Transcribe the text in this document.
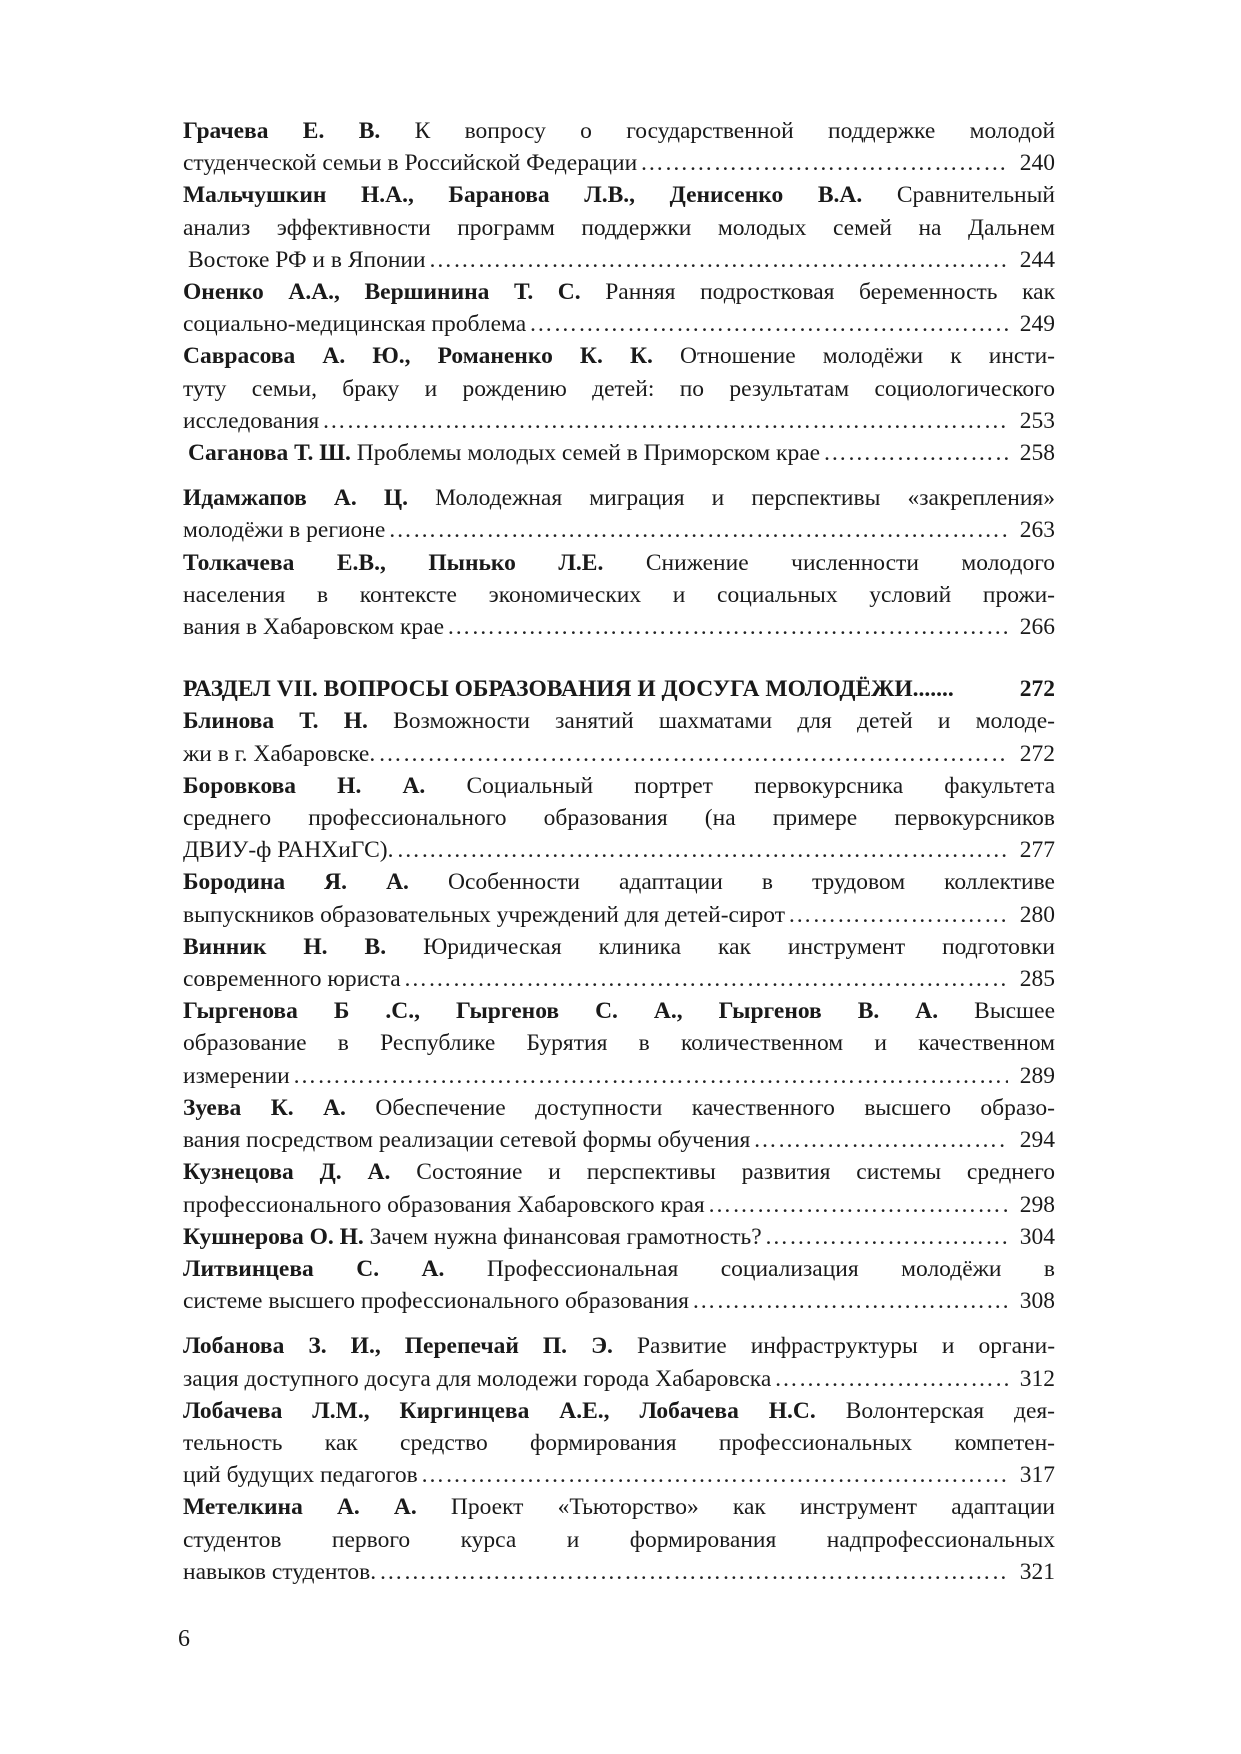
Грачева Е. В. К вопросу о государственной поддержке молодой
студенческой семьи в Российской Федерации …………………………………………………………………………………………………………………………………………………………………………………………………………………………	240
Мальчушкин Н.А., Баранова Л.В., Денисенко В.А. Сравнительный
анализ эффективности программ поддержки молодых семей на Дальнем
Востоке РФ и в Японии …………………………………………………………………………………………………………………………………………………………………………………………………………………………	244
Оненко А.А., Вершинина Т. С. Ранняя подростковая беременность как
социально-медицинская проблема …………………………………………………………………………………………………………………………………………………………………………………………………………………………	249
Саврасова А. Ю., Романенко К. К. Отношение молодёжи к инсти-
туту семьи, браку и рождению детей: по результатам социологического
исследования …………………………………………………………………………………………………………………………………………………………………………………………………………………………	253
Саганова Т. Ш. Проблемы молодых семей в Приморском крае …………………………………………………………………………………………………………………………………………………………………………………………………………………………	258
Идамжапов А. Ц. Молодежная миграция и перспективы «закрепления»
молодёжи в регионе …………………………………………………………………………………………………………………………………………………………………………………………………………………………	263
Толкачева Е.В., Пынько Л.Е. Снижение численности молодого
населения в контексте экономических и социальных условий прожи-
вания в Хабаровском крае …………………………………………………………………………………………………………………………………………………………………………………………………………………………	266
РАЗДЕЛ VII. ВОПРОСЫ ОБРАЗОВАНИЯ И ДОСУГА МОЛОДЁЖИ.......	272
Блинова Т. Н. Возможности занятий шахматами для детей и молоде-
жи в г. Хабаровске. …………………………………………………………………………………………………………………………………………………………………………………………………………………………	272
Боровкова Н. А. Социальный портрет первокурсника факультета
среднего профессионального образования (на примере первокурсников
ДВИУ-ф РАНХиГС). …………………………………………………………………………………………………………………………………………………………………………………………………………………………	277
Бородина Я. А. Особенности адаптации в трудовом коллективе
выпускников образовательных учреждений для детей-сирот …………………………………………………………………………………………………………………………………………………………………………………………………………………………	280
Винник Н. В. Юридическая клиника как инструмент подготовки
современного юриста …………………………………………………………………………………………………………………………………………………………………………………………………………………………	285
Гыргенова Б .С., Гыргенов С. А., Гыргенов В. А. Высшее
образование в Республике Бурятия в количественном и качественном
измерении …………………………………………………………………………………………………………………………………………………………………………………………………………………………	289
Зуева К. А. Обеспечение доступности качественного высшего образо-
вания посредством реализации сетевой формы обучения …………………………………………………………………………………………………………………………………………………………………………………………………………………………	294
Кузнецова Д. А. Состояние и перспективы развития системы среднего
профессионального образования Хабаровского края …………………………………………………………………………………………………………………………………………………………………………………………………………………………	298
Кушнерова О. Н. Зачем нужна финансовая грамотность? …………………………………………………………………………………………………………………………………………………………………………………………………………………………	304
Литвинцева С. А. Профессиональная социализация молодёжи в
системе высшего профессионального образования …………………………………………………………………………………………………………………………………………………………………………………………………………………………	308
Лобанова З. И., Перепечай П. Э. Развитие инфраструктуры и органи-
зация доступного досуга для молодежи города Хабаровска …………………………………………………………………………………………………………………………………………………………………………………………………………………………	312
Лобачева Л.М., Киргинцева А.Е., Лобачева Н.С. Волонтерская дея-
тельность как средство формирования профессиональных компетен-
ций будущих педагогов …………………………………………………………………………………………………………………………………………………………………………………………………………………………	317
Метелкина А. А. Проект «Тьюторство» как инструмент адаптации
студентов первого курса и формирования надпрофессиональных
навыков студентов. …………………………………………………………………………………………………………………………………………………………………………………………………………………………	321
6
